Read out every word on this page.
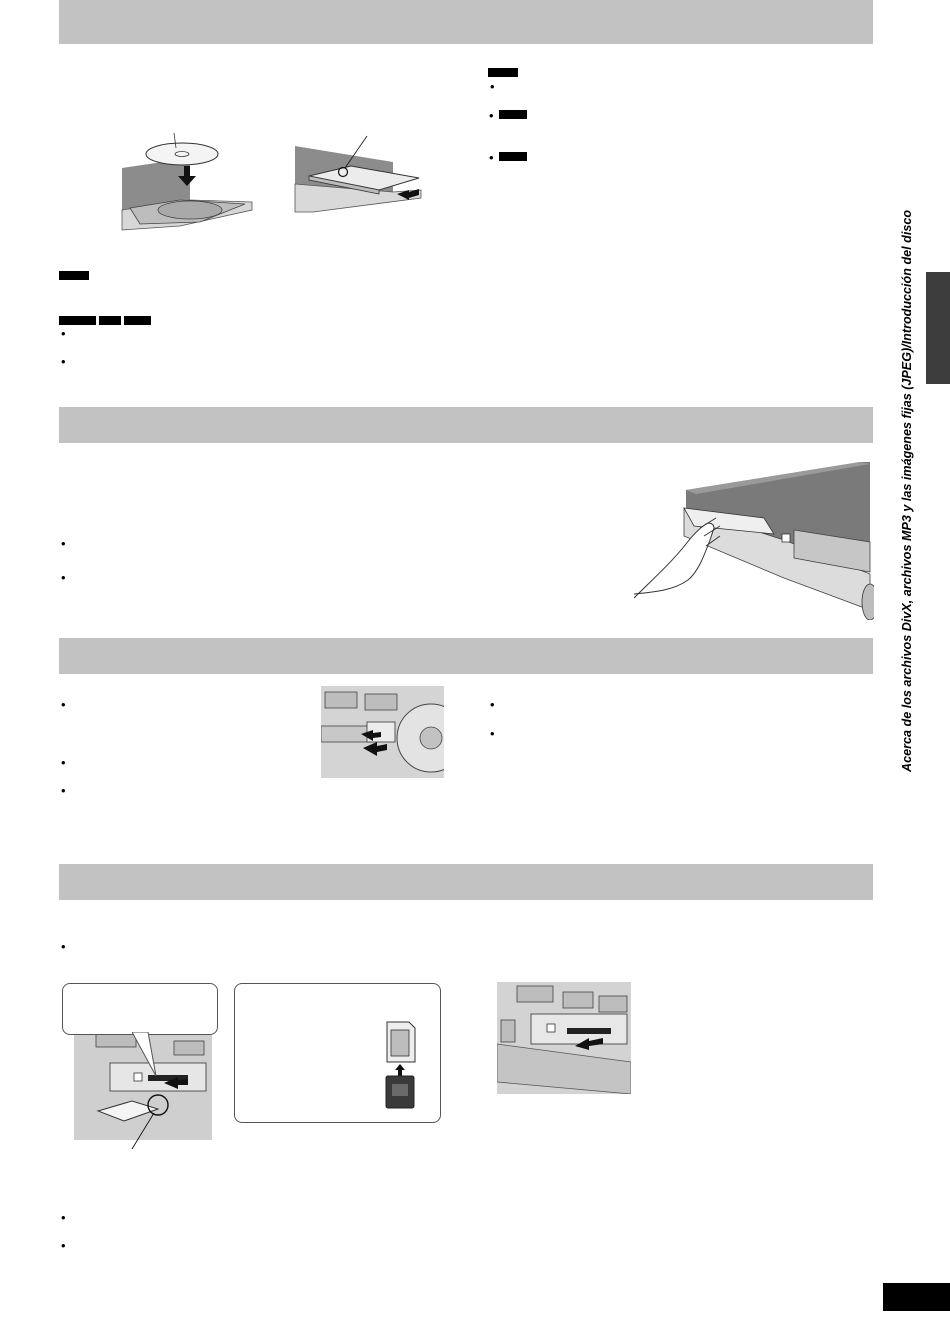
Acerca de los archivos DivX, archivos MP3 y las imágenes fijas (JPEG)/Introducción del disco
•
•
•
•
•
•
•
•
•
•
•
•
•
•
•
